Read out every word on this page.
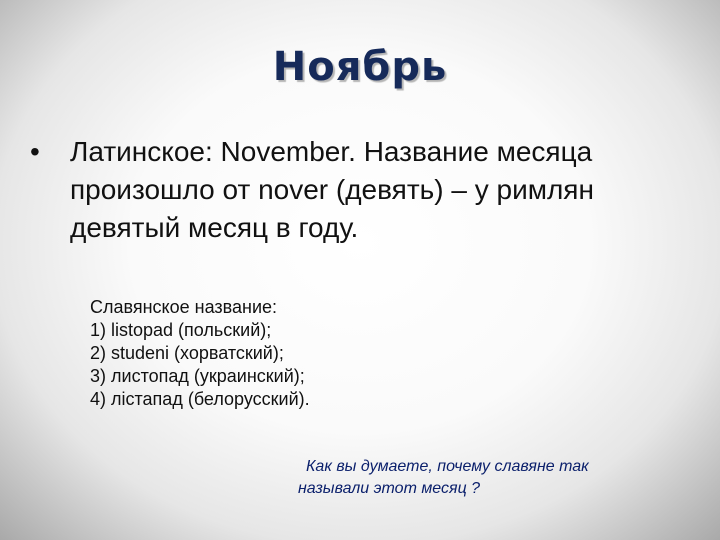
Ноябрь
•	Латинское: November. Название месяца произошло от nover (девять) – у римлян девятый месяц в году.
Славянское название:
1) listopad (польский);
2) studeni (хорватский);
3) листопад (украинский);
4) лістапад (белорусский).
Как вы думаете, почему славяне так
называли этот месяц ?
